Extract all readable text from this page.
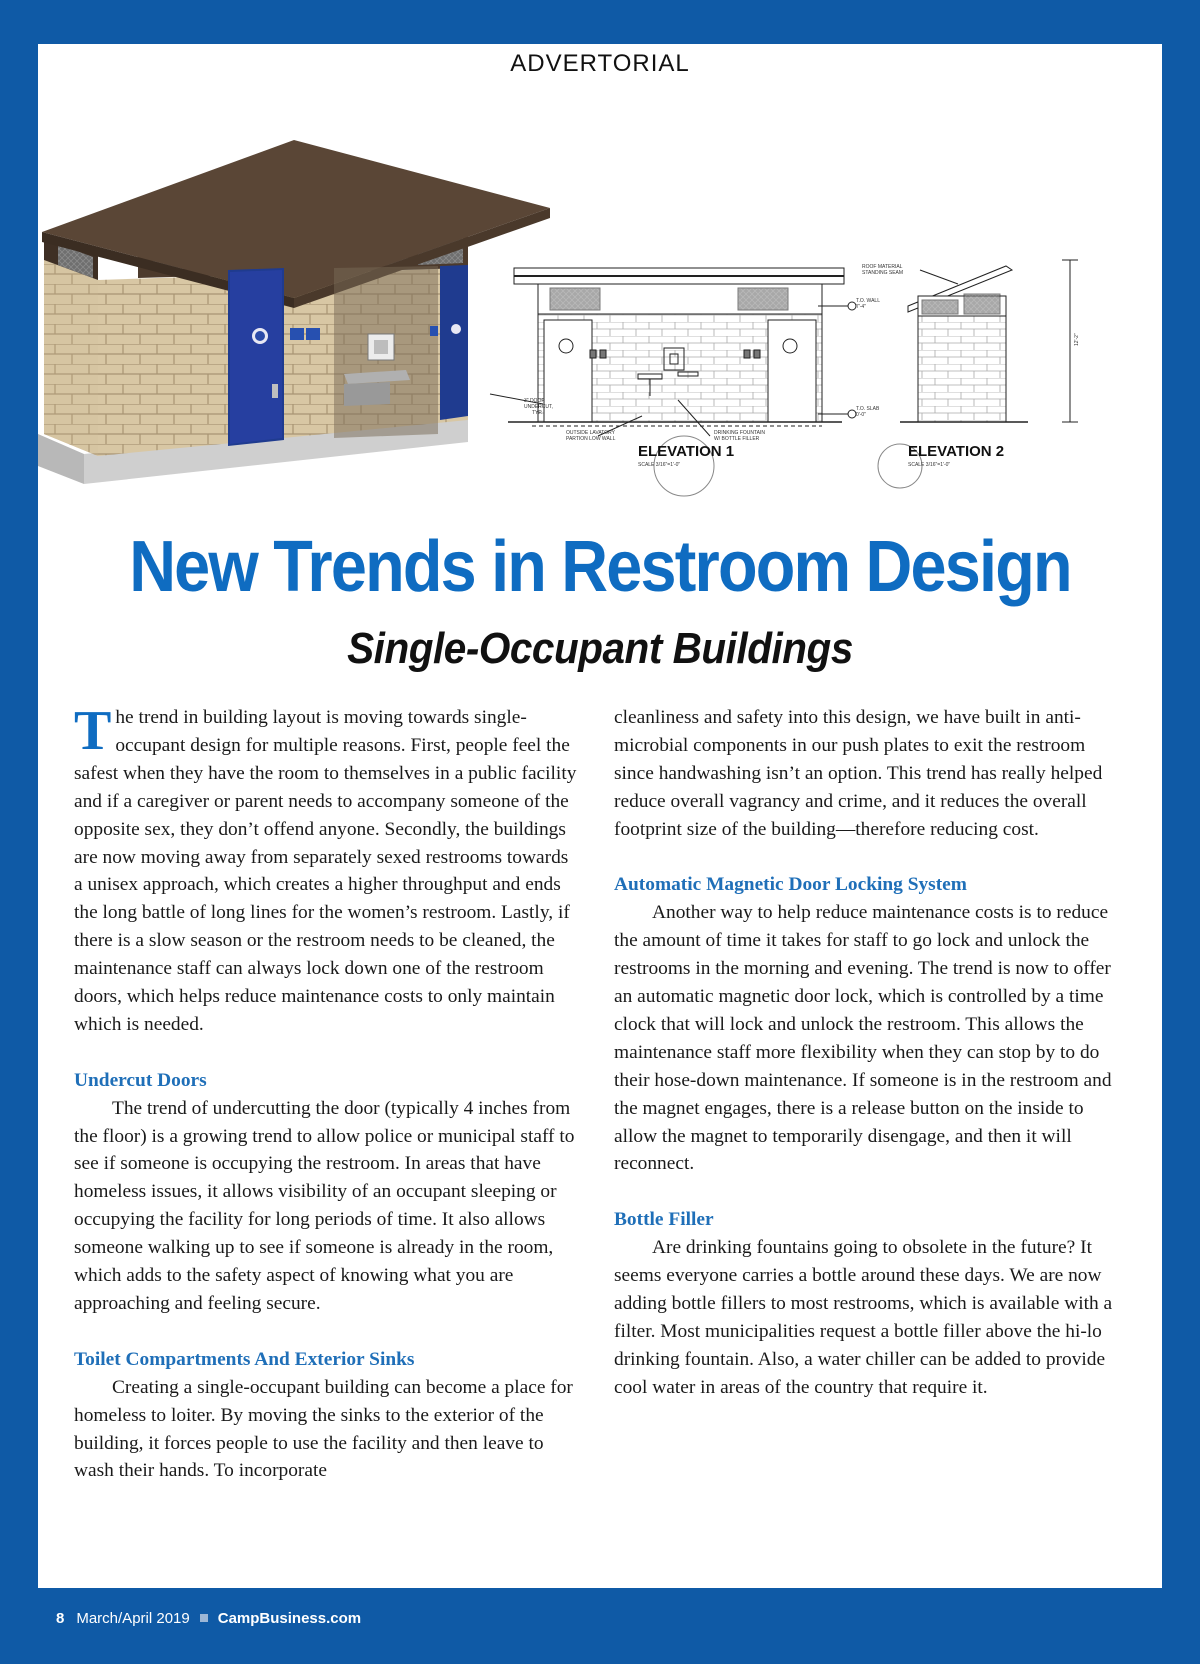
ADVERTORIAL
3" DOOR
UNDERCUT,
TYP.
OUTSIDE LAVATORY
PARTION LOW WALL
DRINKING FOUNTAIN
W/ BOTTLE FILLER
T.O. WALL
7'-4"
T.O. SLAB
0'-0"
ELEVATION 1
SCALE 3/16"=1'-0"
ROOF MATERIAL
STANDING SEAM
12'-2"
ELEVATION 2
SCALE 3/16"=1'-0"
New Trends in Restroom Design
Single-Occupant Buildings

The trend in building layout is moving towards single-occupant design for multiple reasons. First, people feel the safest when they have the room to themselves in a public facility and if a caregiver or parent needs to accompany someone of the opposite sex, they don’t offend anyone. Secondly, the buildings are now moving away from separately sexed restrooms towards a unisex approach, which creates a higher throughput and ends the long battle of long lines for the women’s restroom. Lastly, if there is a slow season or the restroom needs to be cleaned, the maintenance staff can always lock down one of the restroom doors, which helps reduce maintenance costs to only maintain which is needed.

Undercut Doors

The trend of undercutting the door (typically 4 inches from the floor) is a growing trend to allow police or municipal staff to see if someone is occupying the restroom. In areas that have homeless issues, it allows visibility of an occupant sleeping or occupying the facility for long periods of time. It also allows someone walking up to see if someone is already in the room, which adds to the safety aspect of knowing what you are approaching and feeling secure.

Toilet Compartments And Exterior Sinks

Creating a single-occupant building can become a place for homeless to loiter. By moving the sinks to the exterior of the building, it forces people to use the facility and then leave to wash their hands. To incorporate

cleanliness and safety into this design, we have built in anti-microbial components in our push plates to exit the restroom since handwashing isn’t an option. This trend has really helped reduce overall vagrancy and crime, and it reduces the overall footprint size of the building—therefore reducing cost.

Automatic Magnetic Door Locking System

Another way to help reduce maintenance costs is to reduce the amount of time it takes for staff to go lock and unlock the restrooms in the morning and evening. The trend is now to offer an automatic magnetic door lock, which is controlled by a time clock that will lock and unlock the restroom. This allows the maintenance staff more flexibility when they can stop by to do their hose-down maintenance. If someone is in the restroom and the magnet engages, there is a release button on the inside to allow the magnet to temporarily disengage, and then it will reconnect.

Bottle Filler

Are drinking fountains going to obsolete in the future? It seems everyone carries a bottle around these days. We are now adding bottle fillers to most restrooms, which is available with a filter. Most municipalities request a bottle filler above the hi-lo drinking fountain. Also, a water chiller can be added to provide cool water in areas of the country that require it.

8 March/April 2019 CampBusiness.com
